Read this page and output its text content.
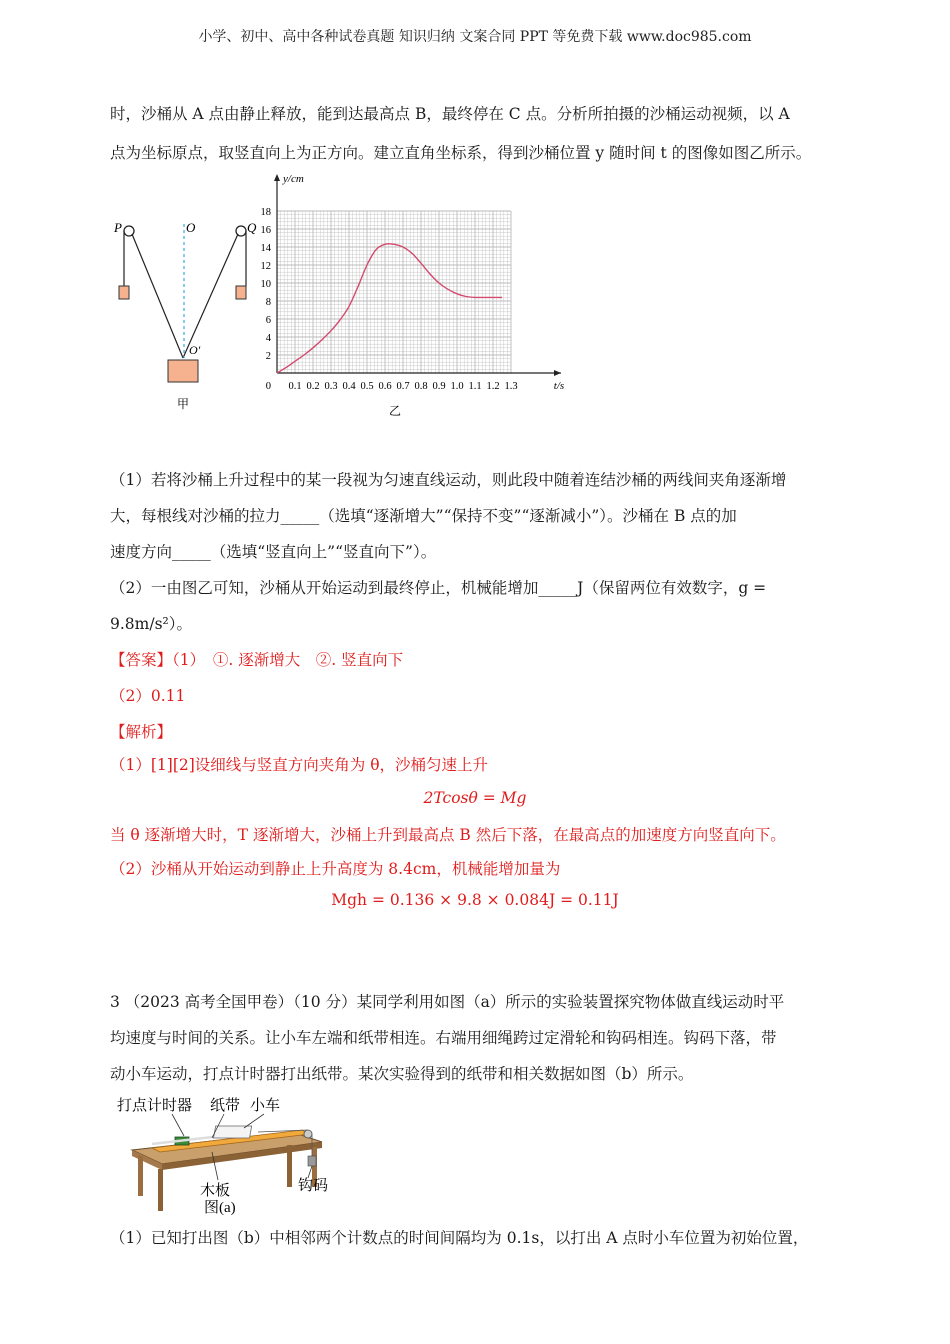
小学、初中、高中各种试卷真题 知识归纳 文案合同 PPT 等免费下载 www.doc985.com
时，沙桶从 A 点由静止释放，能到达最高点 B，最终停在 C 点。分析所拍摄的沙桶运动视频，以 A
点为坐标原点，取竖直向上为正方向。建立直角坐标系，得到沙桶位置 y 随时间 t 的图像如图乙所示。
P	O	Q
O′
甲
0.1 0.2 0.3 0.4 0.5 0.6 0.7 0.8 0.9 1.0 1.1 1.2 1.3
2
4
6
8
10
12
14
16
18
0	t/s
y/cm
乙
（1）若将沙桶上升过程中的某一段视为匀速直线运动，则此段中随着连结沙桶的两线间夹角逐渐增
大，每根线对沙桶的拉力_____（选填“逐渐增大”“保持不变”“逐渐减小”）。沙桶在 B 点的加
速度方向_____（选填“竖直向上”“竖直向下”）。
（2）一由图乙可知，沙桶从开始运动到最终停止，机械能增加_____J（保留两位有效数字，g =
9.8m/s²）。
【答案】（1）　①. 逐渐增大　②. 竖直向下
（2）0.11
【解析】
（1）[1][2]设细线与竖直方向夹角为 θ，沙桶匀速上升
2Tcosθ = Mg
当 θ 逐渐增大时，T 逐渐增大，沙桶上升到最高点 B 然后下落，在最高点的加速度方向竖直向下。
（2）沙桶从开始运动到静止上升高度为 8.4cm，机械能增加量为
Mgh = 0.136 × 9.8 × 0.084J = 0.11J
3 （2023 高考全国甲卷）（10 分）某同学利用如图（a）所示的实验装置探究物体做直线运动时平
均速度与时间的关系。让小车左端和纸带相连。右端用细绳跨过定滑轮和钩码相连。钩码下落，带
动小车运动，打点计时器打出纸带。某次实验得到的纸带和相关数据如图（b）所示。
打点计时器 纸带 小车
木板	钩码
图(a)
（1）已知打出图（b）中相邻两个计数点的时间间隔均为 0.1s，以打出 A 点时小车位置为初始位置，
